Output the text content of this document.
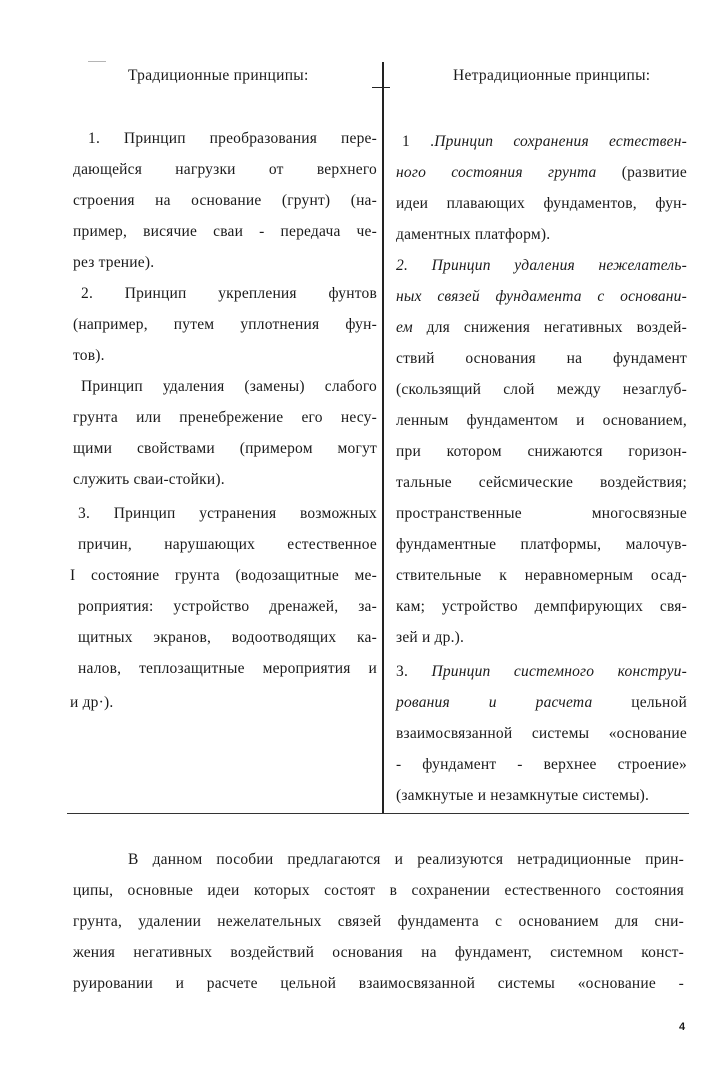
Традиционные принципы:	Нетрадиционные принципы:
1. Принцип преобразования пере-
дающейся нагрузки от верхнего
строения на основание (грунт) (на-
пример, висячие сваи - передача че-
рез трение).
2. Принцип укрепления фунтов
(например, путем уплотнения фун-
тов).
Принцип удаления (замены) слабого
грунта или пренебрежение его несу-
щими свойствами (примером могут
служить сваи-стойки).
3. Принцип устранения возможных
причин, нарушающих естественное
I состояние грунта (водозащитные ме-
роприятия: устройство дренажей, за-
щитных экранов, водоотводящих ка-
налов, теплозащитные мероприятия и
и др·).
1 .Принцип сохранения естествен-
ного состояния грунта (развитие
идеи плавающих фундаментов, фун-
даментных платформ).
2. Принцип удаления нежелатель-
ных связей фундамента с основани-
ем для снижения негативных воздей-
ствий основания на фундамент
(скользящий слой между незаглуб-
ленным фундаментом и основанием,
при котором снижаются горизон-
тальные сейсмические воздействия;
пространственные многосвязные
фундаментные платформы, малочув-
ствительные к неравномерным осад-
кам; устройство демпфирующих свя-
зей и др.).
3. Принцип системного конструи-
рования и расчета цельной
взаимосвязанной системы «основание
- фундамент - верхнее строение»
(замкнутые и незамкнутые системы).
В данном пособии предлагаются и реализуются нетрадиционные прин-
ципы, основные идеи которых состоят в сохранении естественного состояния
грунта, удалении нежелательных связей фундамента с основанием для сни-
жения негативных воздействий основания на фундамент, системном конст-
руировании и расчете цельной взаимосвязанной системы «основание -
4
